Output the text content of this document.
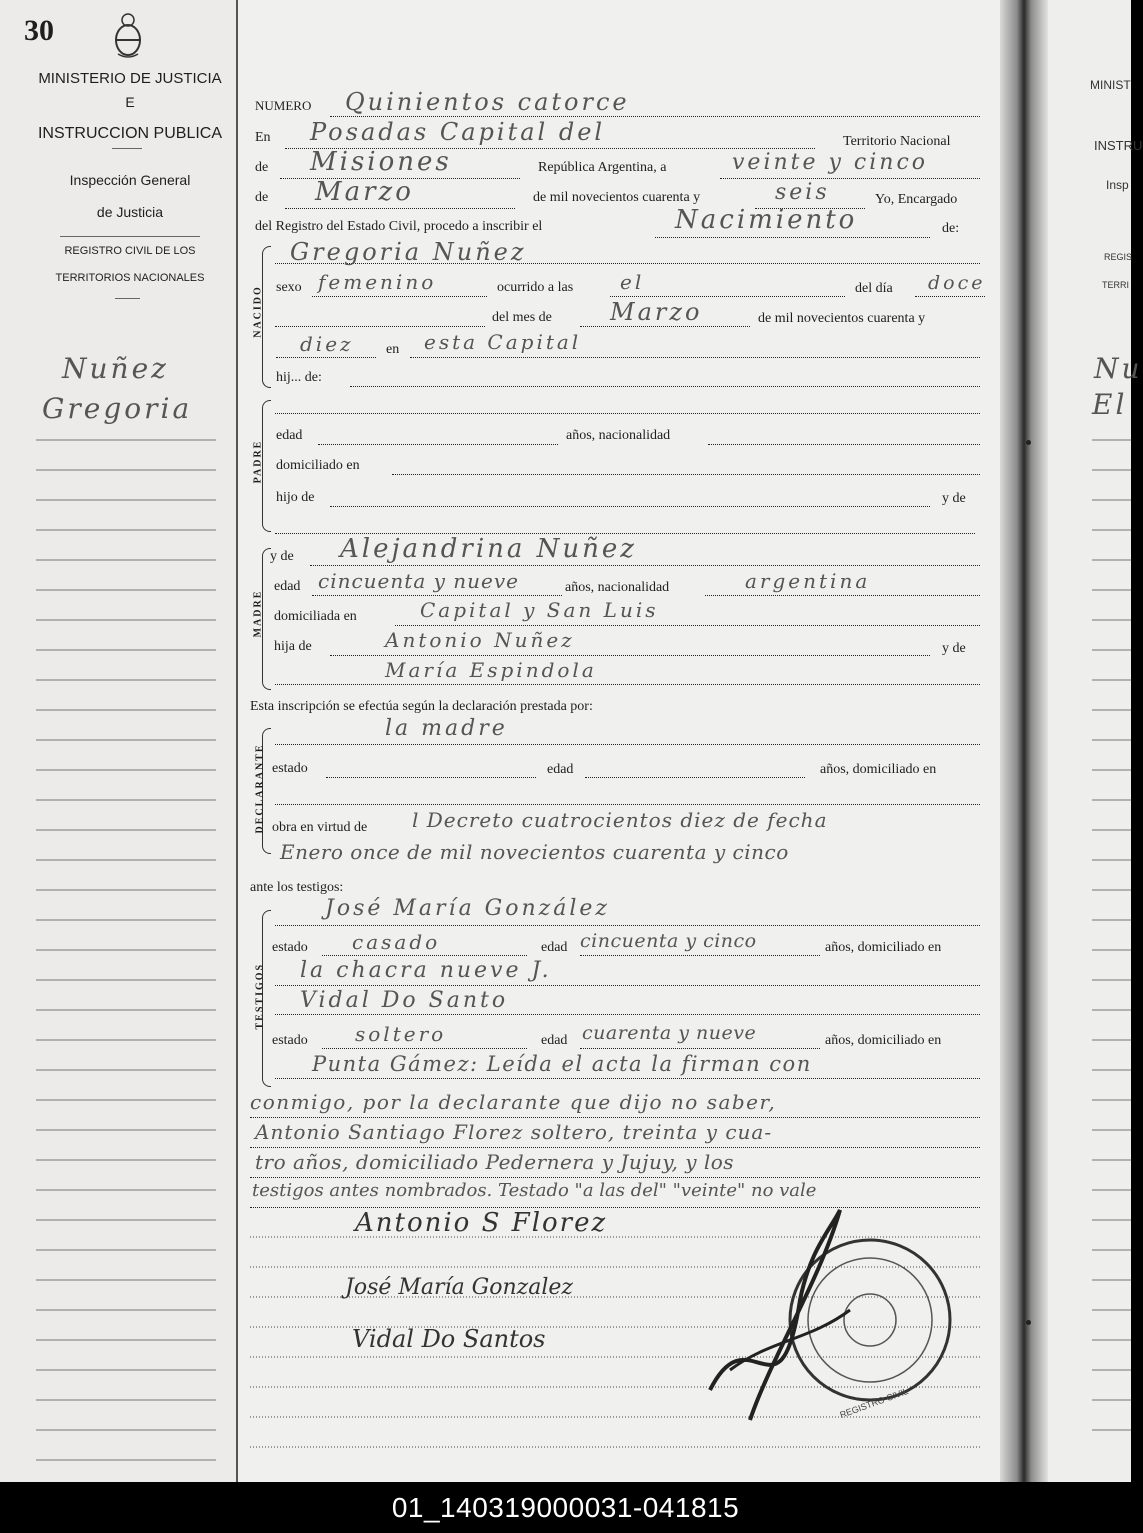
30
MINISTERIO DE JUSTICIA
E
INSTRUCCION PUBLICA
Inspección General
de Justicia
REGISTRO CIVIL DE LOS
TERRITORIOS NACIONALES
Nuñez
Gregoria
NUMERO Quinientos catorce
En Posadas Capital del	Territorio Nacional
de Misiones	República Argentina, a	veinte y cinco
de Marzo	de mil novecientos cuarenta y	seis	Yo, Encargado
del Registro del Estado Civil, procedo a inscribir el	Nacimiento	de:
NACIDO
Gregoria Nuñez
sexo femenino	ocurrido a las el	del día doce
del mes de Marzo	de mil novecientos cuarenta y
diez en esta Capital
hij... de:
PADRE
edad	años, nacionalidad
domiciliado en
hijo de	y de
MADRE
y de Alejandrina Nuñez
edad cincuenta y nueve	años, nacionalidad	argentina
domiciliada en	Capital y San Luis
hija de	Antonio Nuñez	y de
María Espindola
Esta inscripción se efectúa según la declaración prestada por:
DECLARANTE
la madre
estado	edad	años, domiciliado en
obra en virtud de l Decreto cuatrocientos diez de fecha
Enero once de mil novecientos cuarenta y cinco
ante los testigos:
TESTIGOS
José María González
estado casado	edad cincuenta y cinco	años, domiciliado en
la chacra nueve J.
Vidal Do Santo
estado soltero	edad cuarenta y nueve	años, domiciliado en
Punta Gámez: Leída el acta la firman con
conmigo, por la declarante que dijo no saber,
Antonio Santiago Florez soltero, treinta y cua-
tro años, domiciliado Pedernera y Jujuy, y los
testigos antes nombrados. Testado "a las del" "veinte" no vale
Antonio S Florez
José María Gonzalez
Vidal Do Santos
REGISTRO CIVIL
MINIST
INSTRU
Insp
REGIS
TERRI
Nu
El
01_140319000031-041815
